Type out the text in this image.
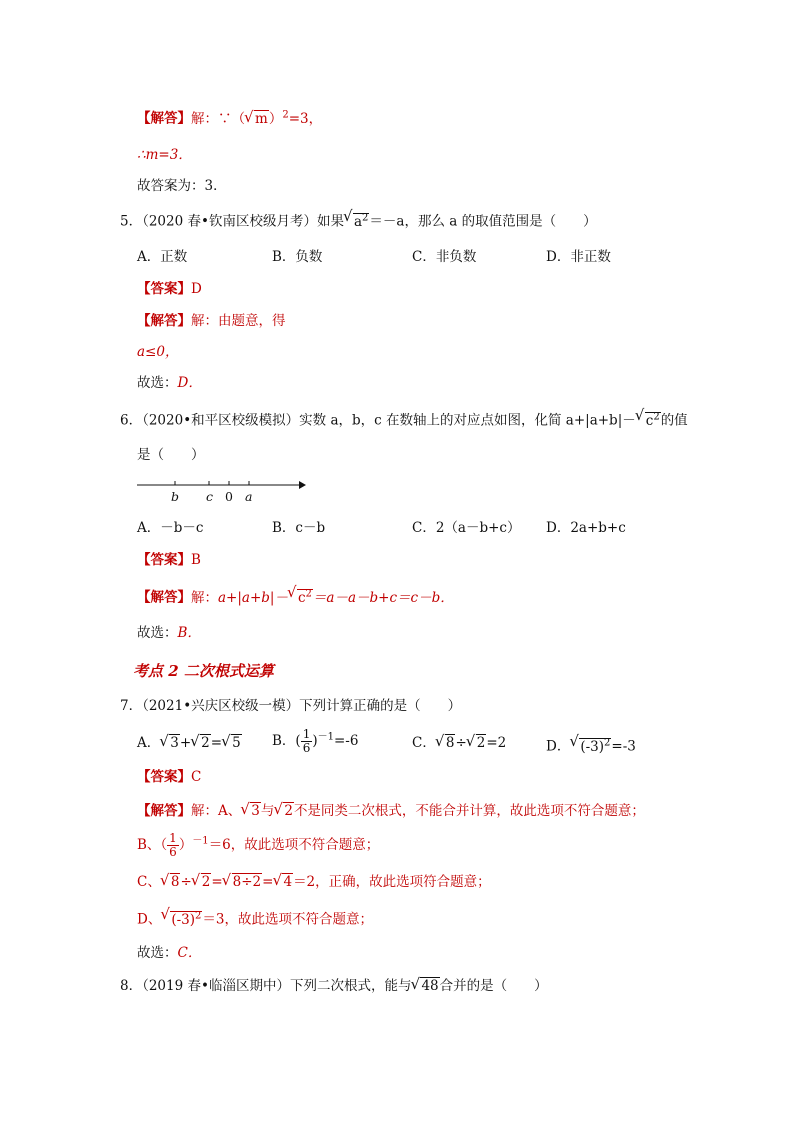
【解答】解：∵（ √ m）$^2$=3，
∴m=3．
故答案为：3．
5．（2020 春•钦南区校级月考）如果 √ $a^2=-a$，那么 a 的取值范围是（　　）
A．正数	B．负数	C．非负数	D．非正数
【答案】D
【解答】解：由题意，得
a≤0，
故选：D．
6．（2020•和平区校级模拟）实数 a，b，c 在数轴上的对应点如图，化简 a+|a+b|－ √ $c^2$的值
是（　　）
b c 0 a
A．－b－c	B．c－b	C．2（a－b+c） D．2a+b+c
【答案】B
【解答】解：a+|a+b|－ √ $c^2=a-a-b+c=c-b$．
故选：B．
考点 2 二次根式运算
7．（2021•兴庆区校级一模）下列计算正确的是（　　）
A． √ 3+ √ 2= √ 5 B．( $\frac{1}{6} )^{-1}=-6$	C． √ 8÷ √ 2=2	D． √ $(-3)^2=-3$
【答案】C
【解答】解：A、 √ 3与 √ 2不是同类二次根式，不能合并计算，故此选项不符合题意；
B、（ $\frac{1}{6} )^{-1}=6$，故此选项不符合题意；
C、 √ 8÷ √ 2= √ 8÷2= √ 4＝2，正确，故此选项符合题意；
D、 √ $(-3)^2=3$，故此选项不符合题意；
故选：C．
8．（2019 春•临淄区期中）下列二次根式，能与 √ 48合并的是（　　）
